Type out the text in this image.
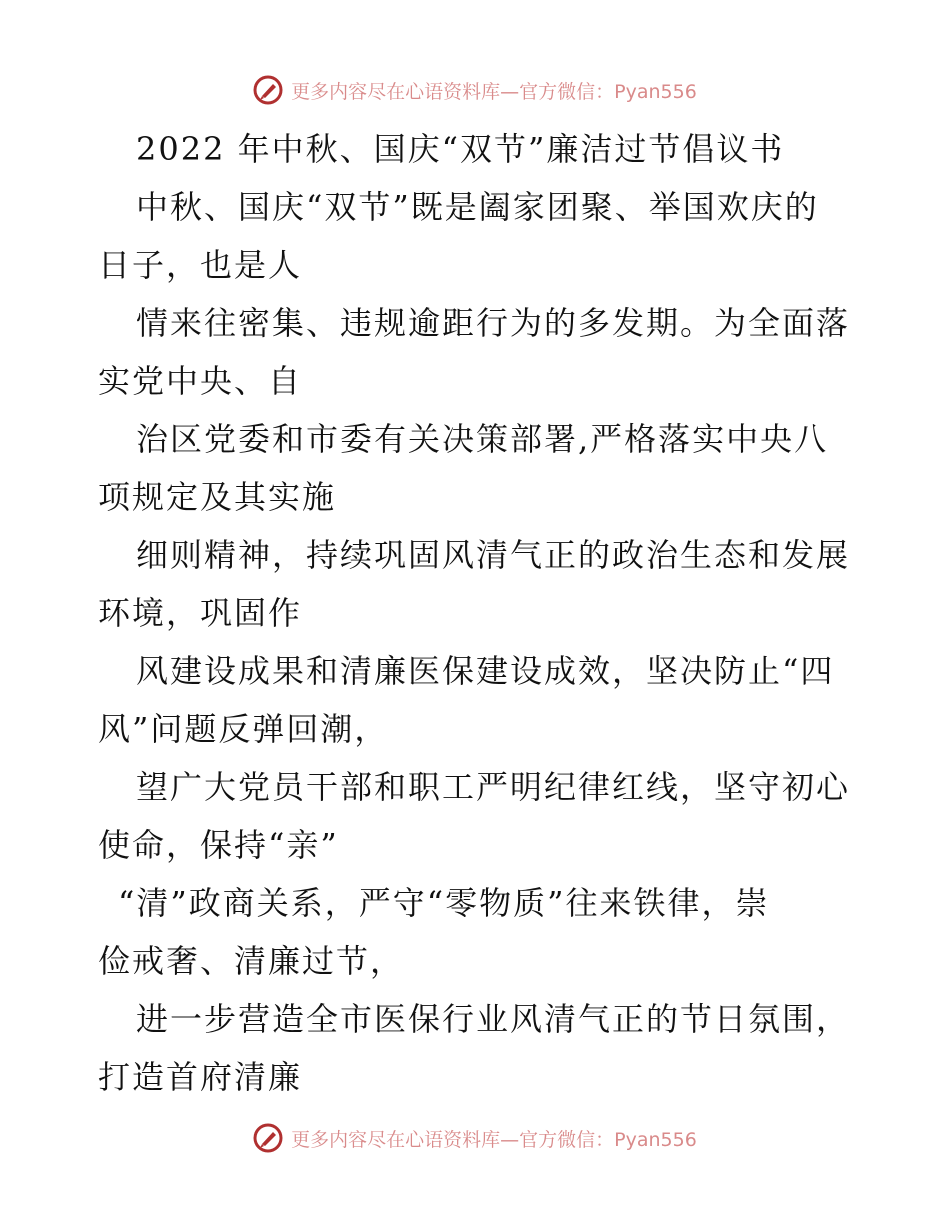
更多内容尽在心语资料库—官方微信：Pyan556
2022 年中秋、国庆“双节”廉洁过节倡议书
中秋、国庆“双节”既是阖家团聚、举国欢庆的
日子，也是人
情来往密集、违规逾距行为的多发期。为全面落
实党中央、自
治区党委和市委有关决策部署,严格落实中央八
项规定及其实施
细则精神，持续巩固风清气正的政治生态和发展
环境，巩固作
风建设成果和清廉医保建设成效，坚决防止“四
风”问题反弹回潮，
望广大党员干部和职工严明纪律红线，坚守初心
使命，保持“亲”
“清”政商关系，严守“零物质”往来铁律，崇
俭戒奢、清廉过节，
进一步营造全市医保行业风清气正的节日氛围，
打造首府清廉
更多内容尽在心语资料库—官方微信：Pyan556
